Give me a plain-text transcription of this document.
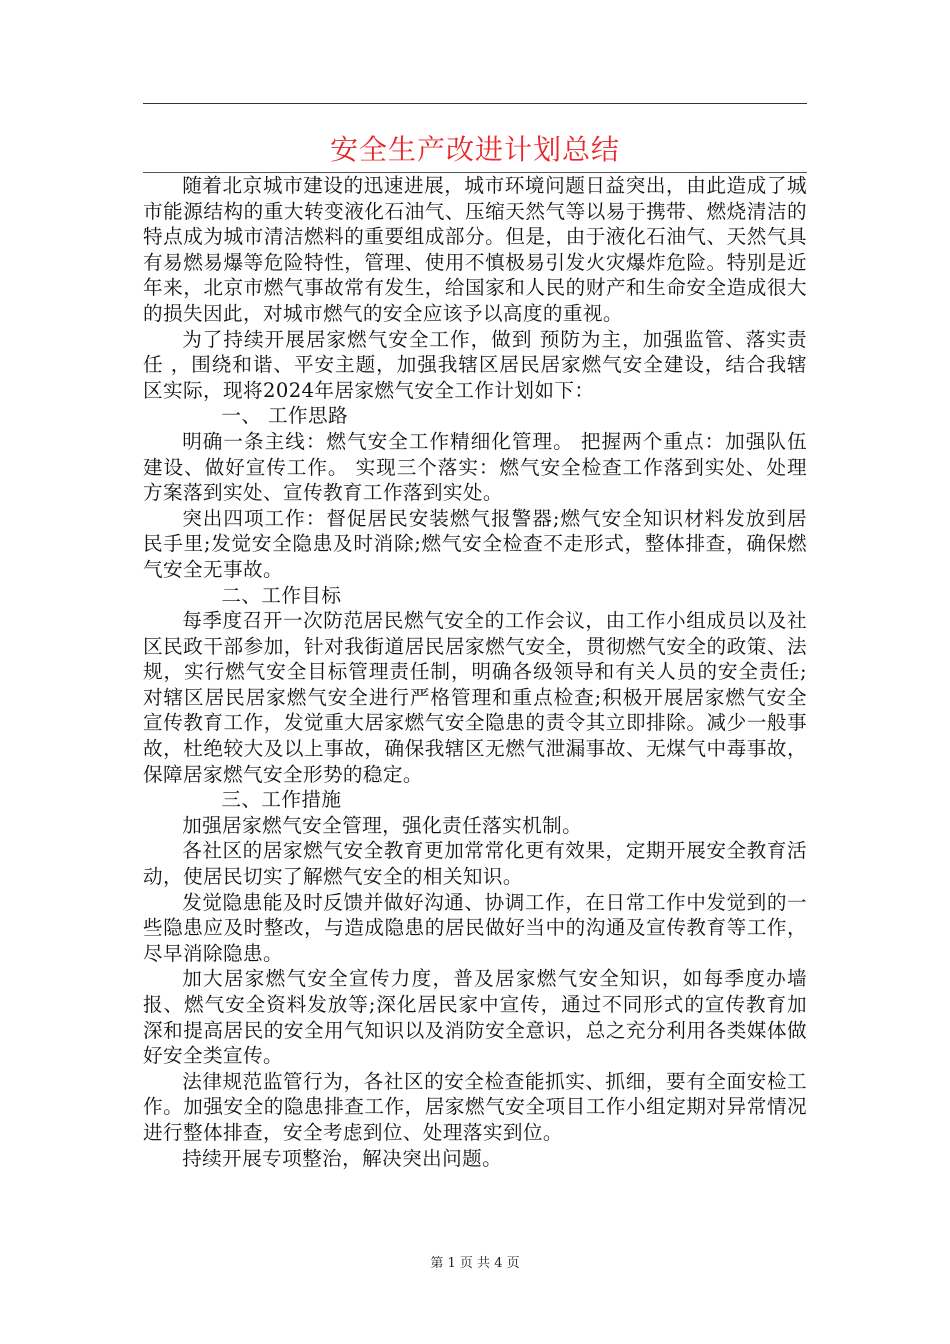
安全生产改进计划总结

随着北京城市建设的迅速进展，城市环境问题日益突出，由此造成了城市能源结构的重大转变液化石油气、压缩天然气等以易于携带、燃烧清洁的特点成为城市清洁燃料的重要组成部分。但是，由于液化石油气、天然气具有易燃易爆等危险特性，管理、使用不慎极易引发火灾爆炸危险。特别是近年来，北京市燃气事故常有发生，给国家和人民的财产和生命安全造成很大的损失因此，对城市燃气的安全应该予以高度的重视。

为了持续开展居家燃气安全工作，做到 预防为主，加强监管、落实责任 ，围绕和谐、平安主题，加强我辖区居民居家燃气安全建设，结合我辖区实际，现将2024年居家燃气安全工作计划如下：

一、 工作思路

明确一条主线：燃气安全工作精细化管理。 把握两个重点：加强队伍建设、做好宣传工作。 实现三个落实：燃气安全检查工作落到实处、处理方案落到实处、宣传教育工作落到实处。

突出四项工作：督促居民安装燃气报警器;燃气安全知识材料发放到居民手里;发觉安全隐患及时消除;燃气安全检查不走形式，整体排查，确保燃气安全无事故。

二、工作目标

每季度召开一次防范居民燃气安全的工作会议，由工作小组成员以及社区民政干部参加，针对我街道居民居家燃气安全，贯彻燃气安全的政策、法规，实行燃气安全目标管理责任制，明确各级领导和有关人员的安全责任;对辖区居民居家燃气安全进行严格管理和重点检查;积极开展居家燃气安全宣传教育工作，发觉重大居家燃气安全隐患的责令其立即排除。减少一般事故，杜绝较大及以上事故，确保我辖区无燃气泄漏事故、无煤气中毒事故，保障居家燃气安全形势的稳定。

三、工作措施

加强居家燃气安全管理，强化责任落实机制。

各社区的居家燃气安全教育更加常常化更有效果，定期开展安全教育活动，使居民切实了解燃气安全的相关知识。

发觉隐患能及时反馈并做好沟通、协调工作，在日常工作中发觉到的一些隐患应及时整改，与造成隐患的居民做好当中的沟通及宣传教育等工作，尽早消除隐患。

加大居家燃气安全宣传力度，普及居家燃气安全知识，如每季度办墙报、燃气安全资料发放等;深化居民家中宣传，通过不同形式的宣传教育加深和提高居民的安全用气知识以及消防安全意识，总之充分利用各类媒体做好安全类宣传。

法律规范监管行为，各社区的安全检查能抓实、抓细，要有全面安检工作。加强安全的隐患排查工作，居家燃气安全项目工作小组定期对异常情况进行整体排查，安全考虑到位、处理落实到位。

持续开展专项整治，解决突出问题。

第 1 页 共 4 页
